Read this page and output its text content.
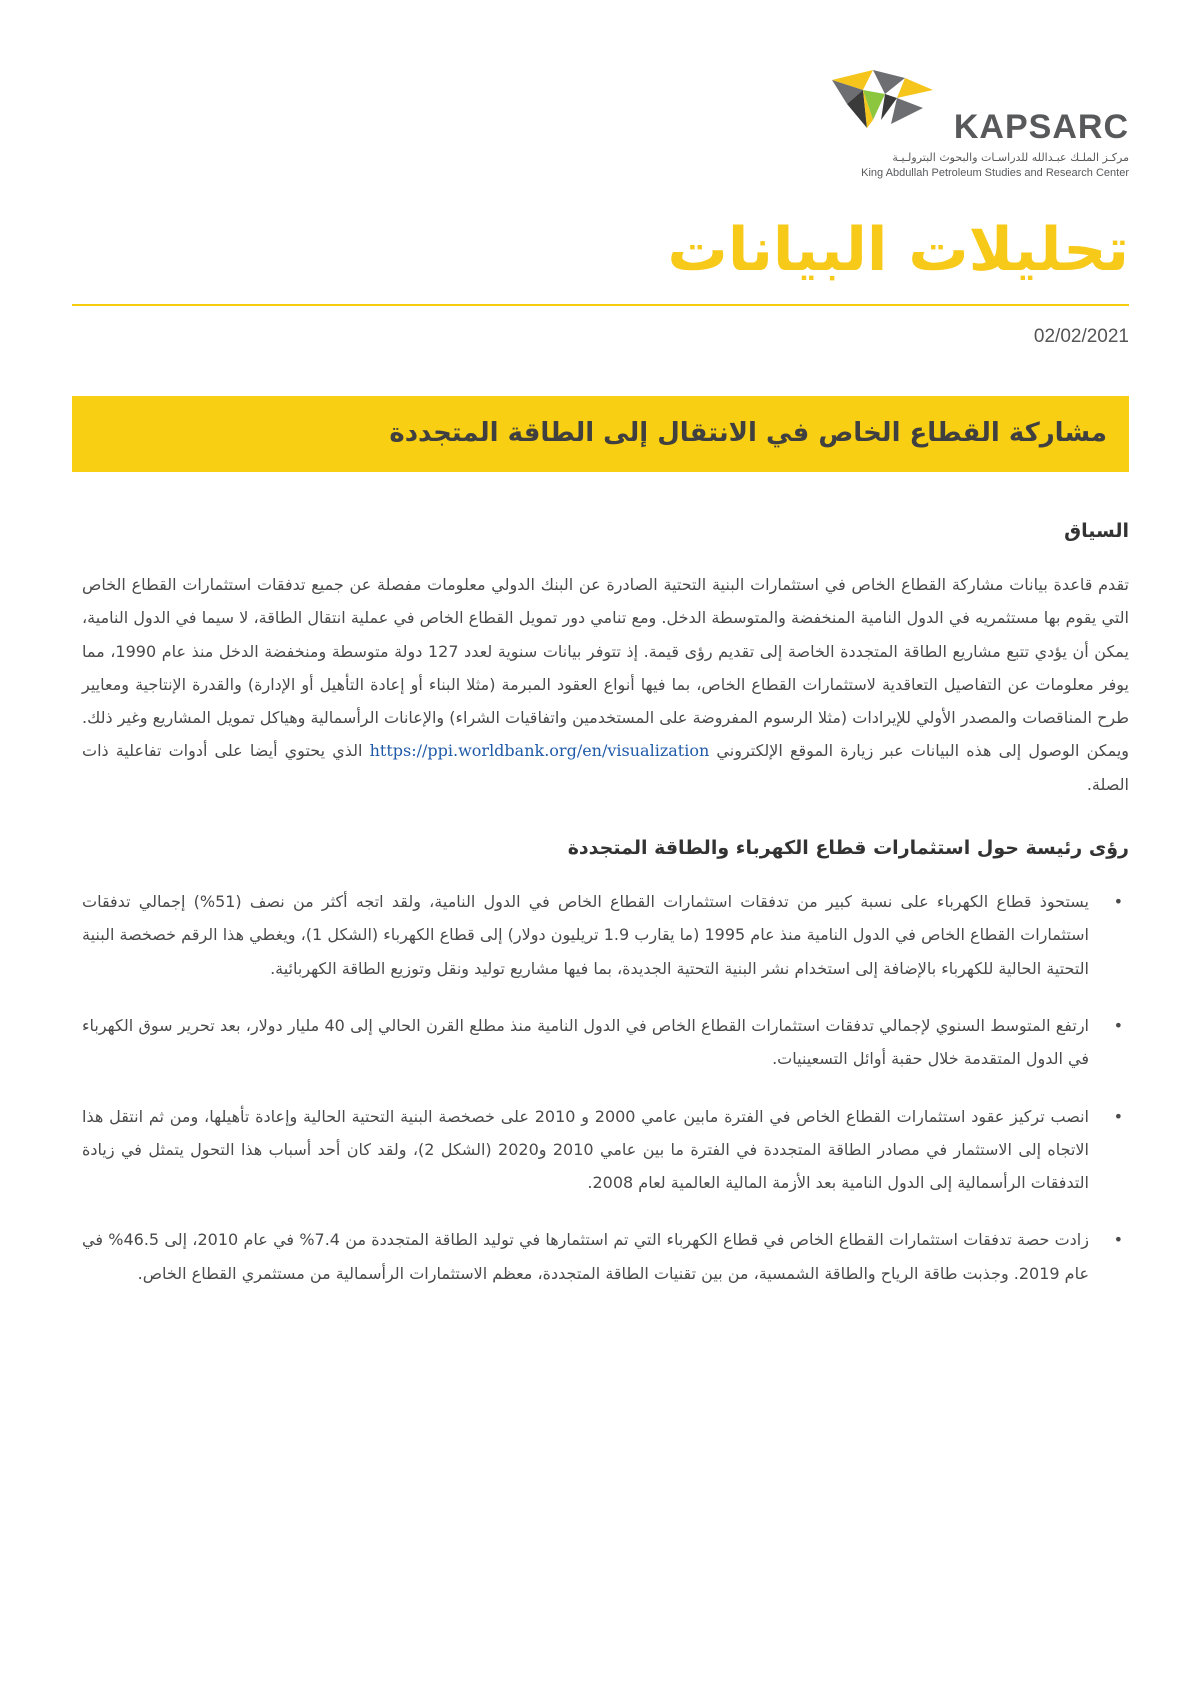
KAPSARC
مركـز الملـك عبـدالله للدراسـات والبحوث البترولـيـة
King Abdullah Petroleum Studies and Research Center
تحليلات البيانات
02/02/2021
مشاركة القطاع الخاص في الانتقال إلى الطاقة المتجددة
السياق

تقدم قاعدة بيانات مشاركة القطاع الخاص في استثمارات البنية التحتية الصادرة عن البنك الدولي معلومات مفصلة عن جميع تدفقات استثمارات القطاع الخاص التي يقوم بها مستثمريه في الدول النامية المنخفضة والمتوسطة الدخل. ومع تنامي دور تمويل القطاع الخاص في عملية انتقال الطاقة، لا سيما في الدول النامية، يمكن أن يؤدي تتبع مشاريع الطاقة المتجددة الخاصة إلى تقديم رؤى قيمة. إذ تتوفر بيانات سنوية لعدد 127 دولة متوسطة ومنخفضة الدخل منذ عام 1990، مما يوفر معلومات عن التفاصيل التعاقدية لاستثمارات القطاع الخاص، بما فيها أنواع العقود المبرمة (مثلا البناء أو إعادة التأهيل أو الإدارة) والقدرة الإنتاجية ومعايير طرح المناقصات والمصدر الأولي للإيرادات (مثلا الرسوم المفروضة على المستخدمين واتفاقيات الشراء) والإعانات الرأسمالية وهياكل تمويل المشاريع وغير ذلك. ويمكن الوصول إلى هذه البيانات عبر زيارة الموقع الإلكتروني https://ppi.worldbank.org/en/visualization الذي يحتوي أيضا على أدوات تفاعلية ذات الصلة.

رؤى رئيسة حول استثمارات قطاع الكهرباء والطاقة المتجددة
•
يستحوذ قطاع الكهرباء على نسبة كبير من تدفقات استثمارات القطاع الخاص في الدول النامية، ولقد اتجه أكثر من نصف (51%) إجمالي تدفقات استثمارات القطاع الخاص في الدول النامية منذ عام 1995 (ما يقارب 1.9 تريليون دولار) إلى قطاع الكهرباء (الشكل 1)، ويغطي هذا الرقم خصخصة البنية التحتية الحالية للكهرباء بالإضافة إلى استخدام نشر البنية التحتية الجديدة، بما فيها مشاريع توليد ونقل وتوزيع الطاقة الكهربائية.
•
ارتفع المتوسط السنوي لإجمالي تدفقات استثمارات القطاع الخاص في الدول النامية منذ مطلع القرن الحالي إلى 40 مليار دولار، بعد تحرير سوق الكهرباء في الدول المتقدمة خلال حقبة أوائل التسعينيات.
•
انصب تركيز عقود استثمارات القطاع الخاص في الفترة مابين عامي 2000 و 2010 على خصخصة البنية التحتية الحالية وإعادة تأهيلها، ومن ثم انتقل هذا الاتجاه إلى الاستثمار في مصادر الطاقة المتجددة في الفترة ما بين عامي 2010 و2020 (الشكل 2)، ولقد كان أحد أسباب هذا التحول يتمثل في زيادة التدفقات الرأسمالية إلى الدول النامية بعد الأزمة المالية العالمية لعام 2008.
•
زادت حصة تدفقات استثمارات القطاع الخاص في قطاع الكهرباء التي تم استثمارها في توليد الطاقة المتجددة من 7.4% في عام 2010، إلى 46.5% في عام 2019. وجذبت طاقة الرياح والطاقة الشمسية، من بين تقنيات الطاقة المتجددة، معظم الاستثمارات الرأسمالية من مستثمري القطاع الخاص.
